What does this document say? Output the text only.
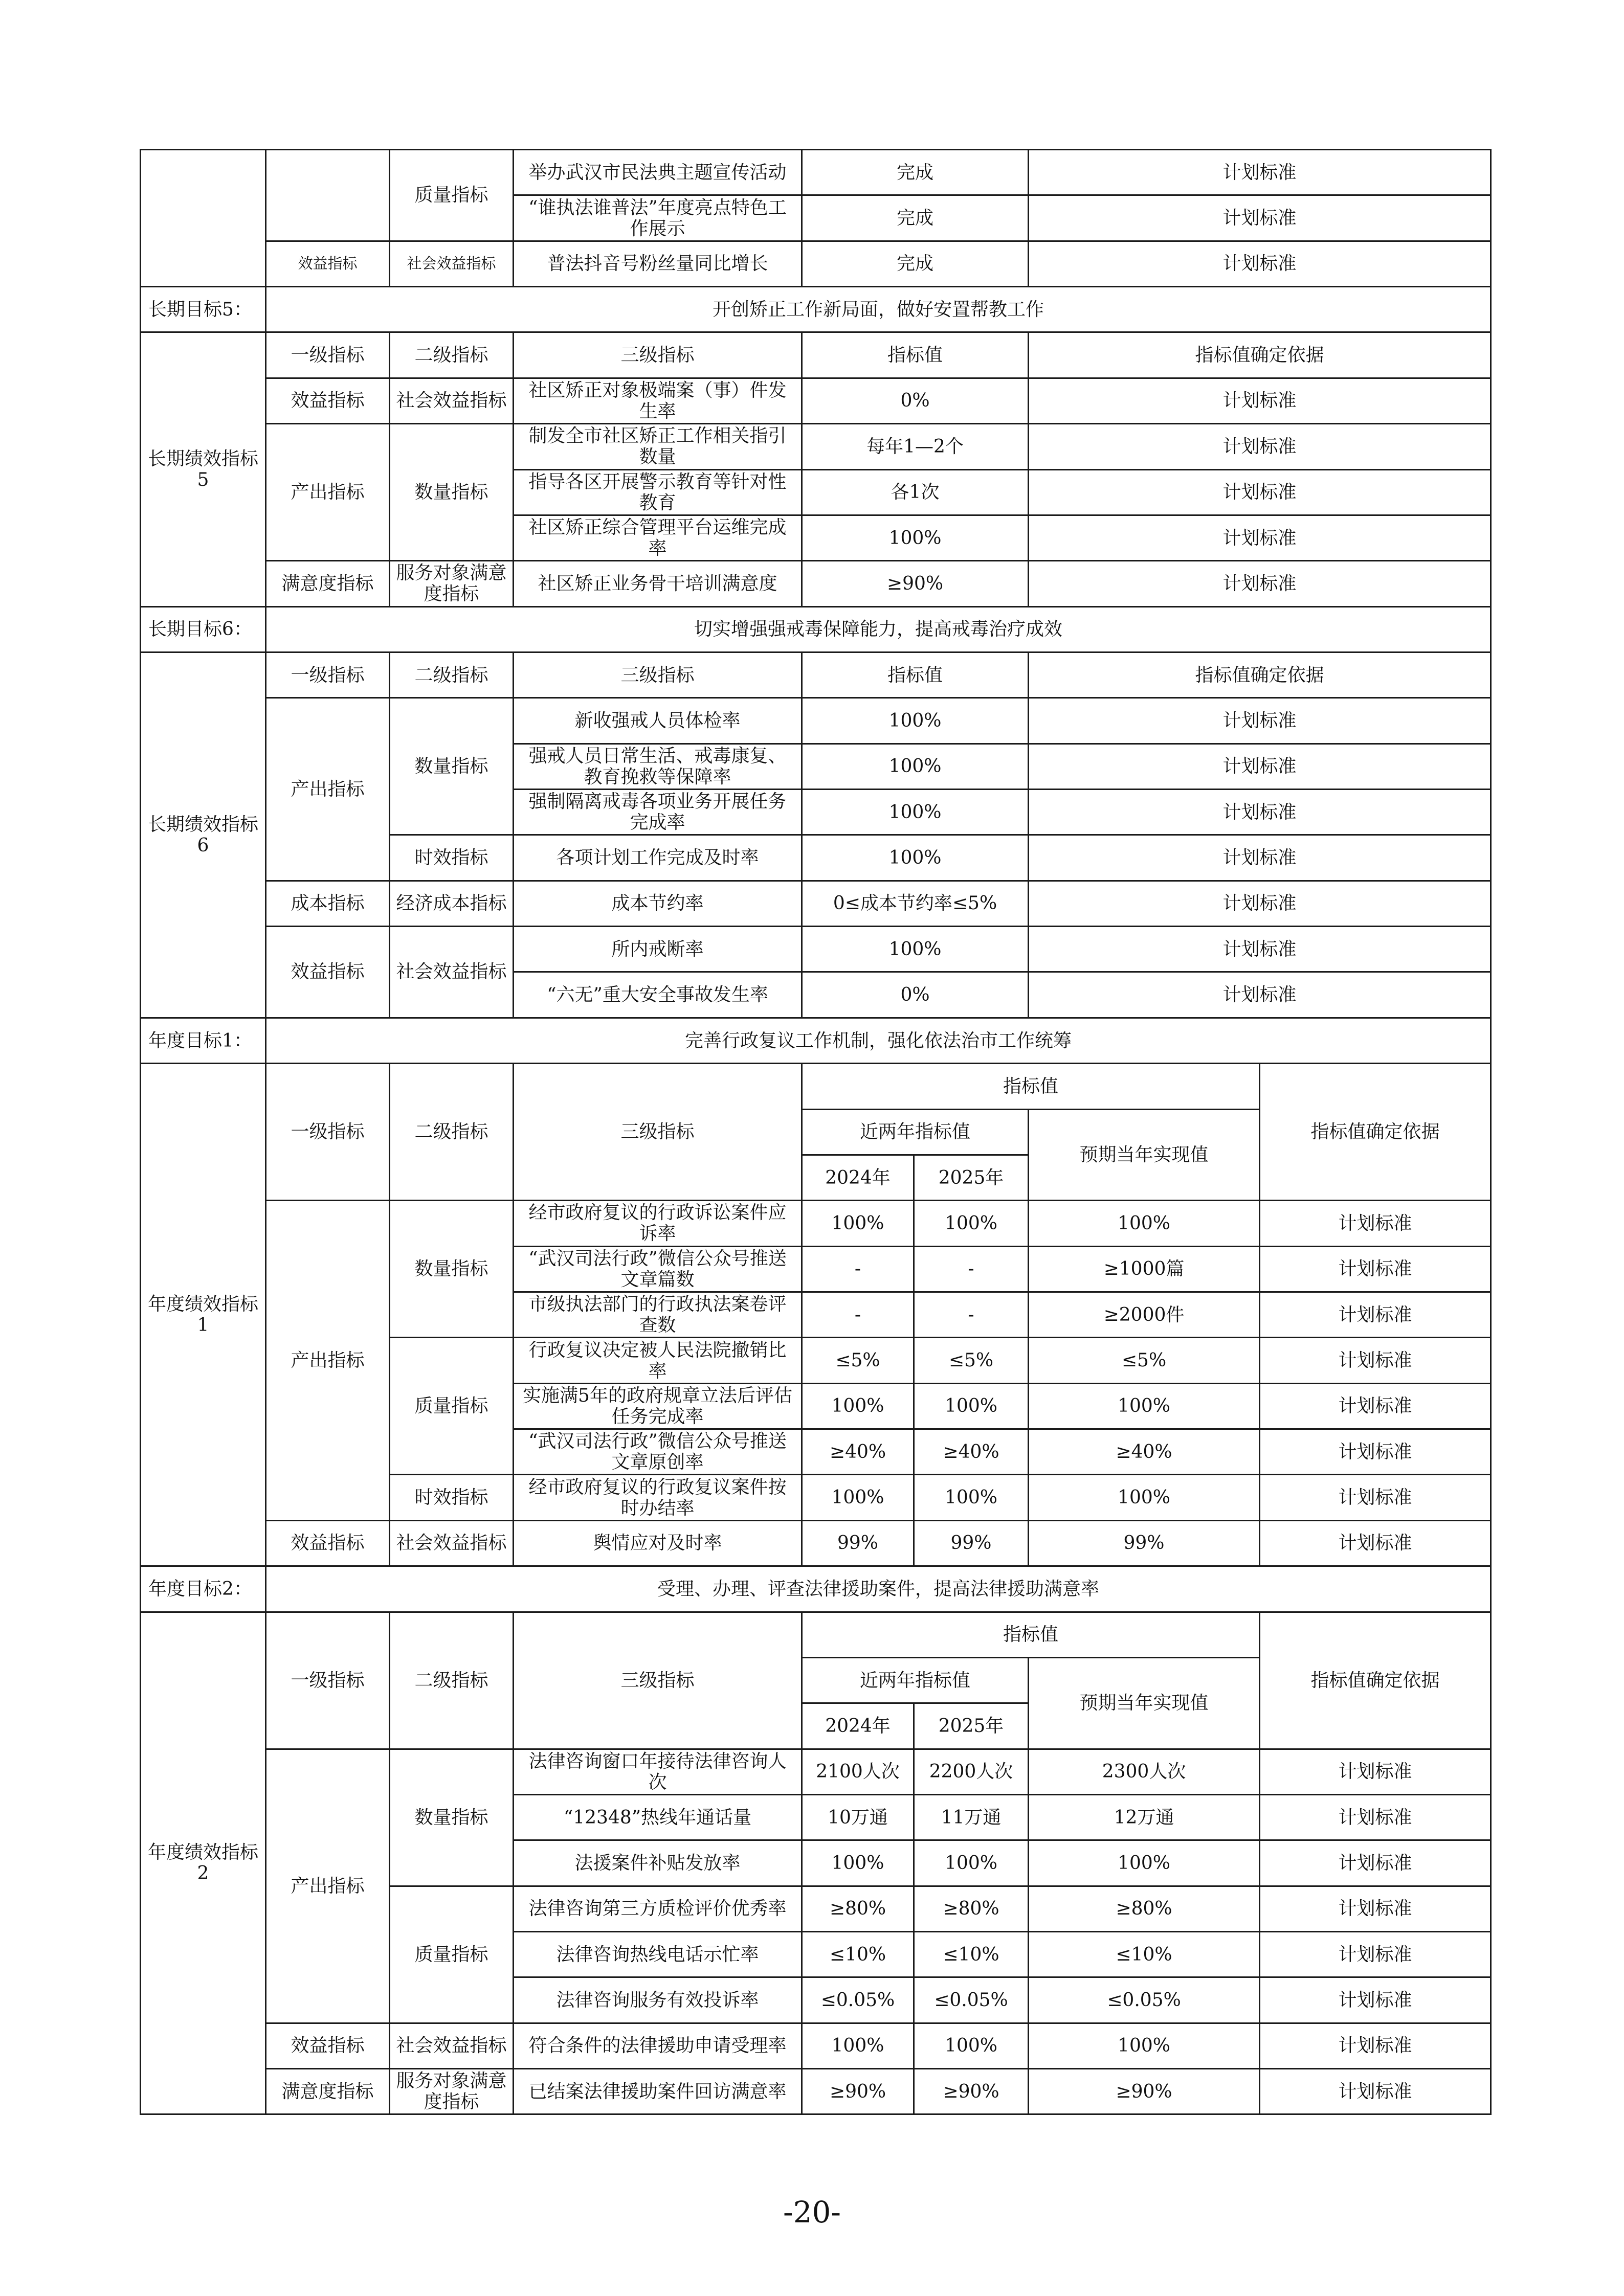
		质量指标	举办武汉市民法典主题宣传活动	完成		计划标准	
			“谁执法谁普法”年度亮点特色工作展示	完成		计划标准	
	效益指标	社会效益指标	普法抖音号粉丝量同比增长	完成		计划标准	
长期目标5：	开创矫正工作新局面，做好安置帮教工作						
长期绩效指标5	一级指标	二级指标	三级指标	指标值		指标值确定依据	
	效益指标	社会效益指标	社区矫正对象极端案（事）件发生率	0%		计划标准	
	产出指标	数量指标	制发全市社区矫正工作相关指引数量	每年1—2个		计划标准	
			指导各区开展警示教育等针对性教育	各1次		计划标准	
			社区矫正综合管理平台运维完成率	100%		计划标准	
	满意度指标	服务对象满意度指标	社区矫正业务骨干培训满意度	≥90%		计划标准	
长期目标6：	切实增强强戒毒保障能力，提高戒毒治疗成效						
长期绩效指标6	一级指标	二级指标	三级指标	指标值		指标值确定依据	
	产出指标	数量指标	新收强戒人员体检率	100%		计划标准	
			强戒人员日常生活、戒毒康复、教育挽救等保障率	100%		计划标准	
			强制隔离戒毒各项业务开展任务完成率	100%		计划标准	
		时效指标	各项计划工作完成及时率	100%		计划标准	
	成本指标	经济成本指标	成本节约率	0≤成本节约率≤5%		计划标准	
	效益指标	社会效益指标	所内戒断率	100%		计划标准	
			“六无”重大安全事故发生率	0%		计划标准	
年度目标1：	完善行政复议工作机制，强化依法治市工作统筹						
年度绩效指标1	一级指标	二级指标	三级指标	指标值			指标值确定依据
				近两年指标值		预期当年实现值	
				2024年	2025年		
	产出指标	数量指标	经市政府复议的行政诉讼案件应诉率	100%	100%	100%	计划标准
			“武汉司法行政”微信公众号推送文章篇数	-	-	≥1000篇	计划标准
			市级执法部门的行政执法案卷评查数	-	-	≥2000件	计划标准
		质量指标	行政复议决定被人民法院撤销比率	≤5%	≤5%	≤5%	计划标准
			实施满5年的政府规章立法后评估任务完成率	100%	100%	100%	计划标准
			“武汉司法行政”微信公众号推送文章原创率	≥40%	≥40%	≥40%	计划标准
		时效指标	经市政府复议的行政复议案件按时办结率	100%	100%	100%	计划标准
	效益指标	社会效益指标	舆情应对及时率	99%	99%	99%	计划标准
年度目标2：	受理、办理、评查法律援助案件，提高法律援助满意率						
年度绩效指标2	一级指标	二级指标	三级指标	指标值			指标值确定依据
				近两年指标值		预期当年实现值	
				2024年	2025年		
	产出指标	数量指标	法律咨询窗口年接待法律咨询人次	2100人次	2200人次	2300人次	计划标准
			“12348”热线年通话量	10万通	11万通	12万通	计划标准
			法援案件补贴发放率	100%	100%	100%	计划标准
		质量指标	法律咨询第三方质检评价优秀率	≥80%	≥80%	≥80%	计划标准
			法律咨询热线电话示忙率	≤10%	≤10%	≤10%	计划标准
			法律咨询服务有效投诉率	≤0.05%	≤0.05%	≤0.05%	计划标准
	效益指标	社会效益指标	符合条件的法律援助申请受理率	100%	100%	100%	计划标准
	满意度指标	服务对象满意度指标	已结案法律援助案件回访满意率	≥90%	≥90%	≥90%	计划标准
-20-
